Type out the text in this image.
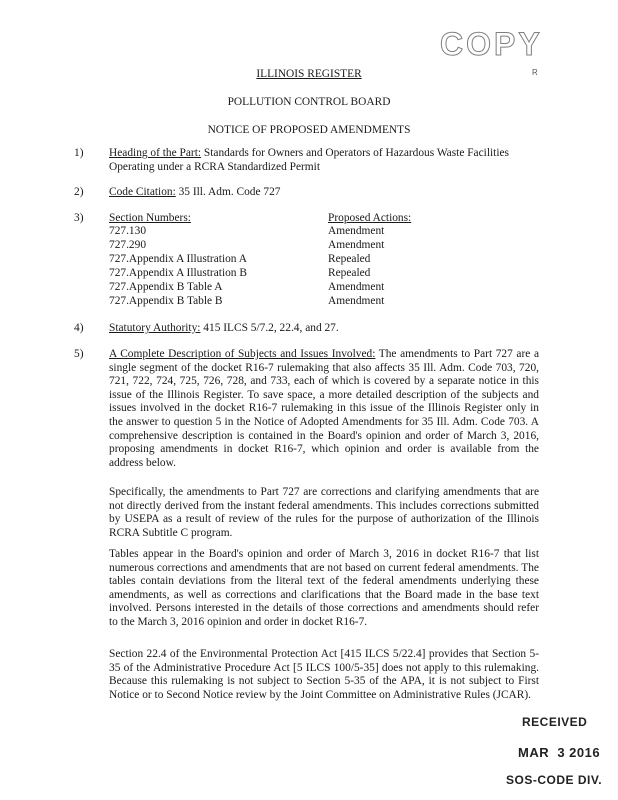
COPY
R
ILLINOIS REGISTER
POLLUTION CONTROL BOARD
NOTICE OF PROPOSED AMENDMENTS
1) Heading of the Part: Standards for Owners and Operators of Hazardous Waste Facilities Operating under a RCRA Standardized Permit
2) Code Citation: 35 Ill. Adm. Code 727
3) Section Numbers:	Proposed Actions:
727.130	Amendment
727.290	Amendment
727.Appendix A Illustration A	Repealed
727.Appendix A Illustration B	Repealed
727.Appendix B Table A	Amendment
727.Appendix B Table B	Amendment
4) Statutory Authority: 415 ILCS 5/7.2, 22.4, and 27.
5) A Complete Description of Subjects and Issues Involved: The amendments to Part 727 are a single segment of the docket R16-7 rulemaking that also affects 35 Ill. Adm. Code 703, 720, 721, 722, 724, 725, 726, 728, and 733, each of which is covered by a separate notice in this issue of the Illinois Register. To save space, a more detailed description of the subjects and issues involved in the docket R16-7 rulemaking in this issue of the Illinois Register only in the answer to question 5 in the Notice of Adopted Amendments for 35 Ill. Adm. Code 703. A comprehensive description is contained in the Board's opinion and order of March 3, 2016, proposing amendments in docket R16-7, which opinion and order is available from the address below.
Specifically, the amendments to Part 727 are corrections and clarifying amendments that are not directly derived from the instant federal amendments. This includes corrections submitted by USEPA as a result of review of the rules for the purpose of authorization of the Illinois RCRA Subtitle C program.
Tables appear in the Board's opinion and order of March 3, 2016 in docket R16-7 that list numerous corrections and amendments that are not based on current federal amendments. The tables contain deviations from the literal text of the federal amendments underlying these amendments, as well as corrections and clarifications that the Board made in the base text involved. Persons interested in the details of those corrections and amendments should refer to the March 3, 2016 opinion and order in docket R16-7.
Section 22.4 of the Environmental Protection Act [415 ILCS 5/22.4] provides that Section 5-35 of the Administrative Procedure Act [5 ILCS 100/5-35] does not apply to this rulemaking. Because this rulemaking is not subject to Section 5-35 of the APA, it is not subject to First Notice or to Second Notice review by the Joint Committee on Administrative Rules (JCAR).
RECEIVED
MAR  3 2016
SOS-CODE DIV.
